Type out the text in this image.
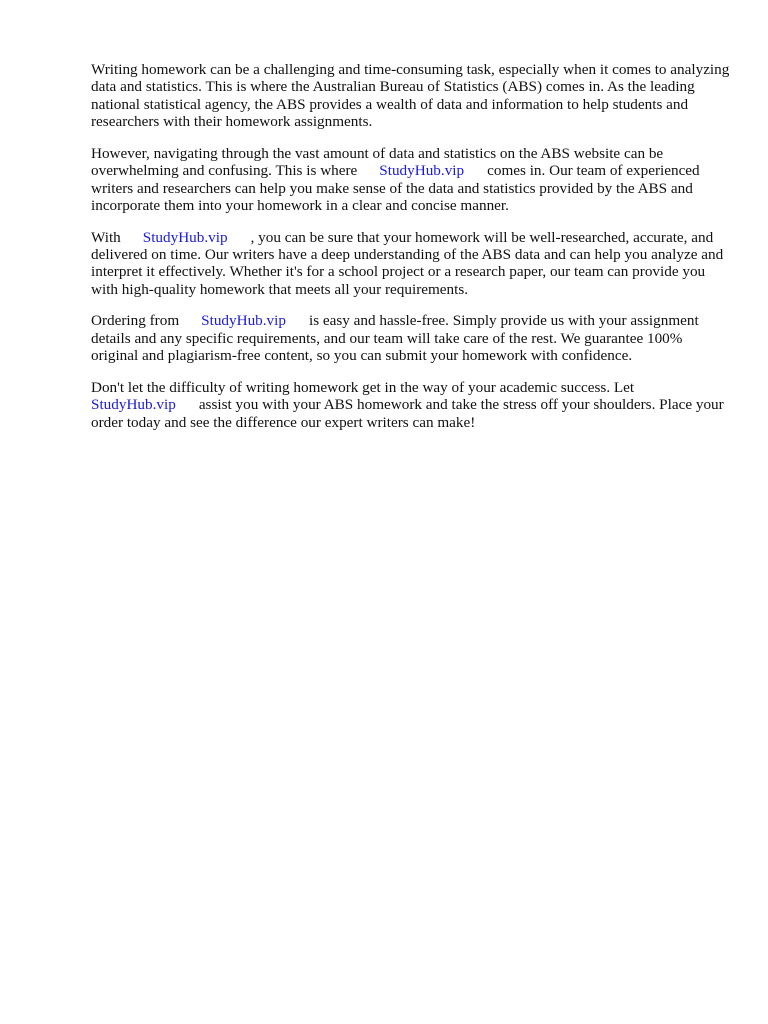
Writing homework can be a challenging and time-consuming task, especially when it comes to analyzing data and statistics. This is where the Australian Bureau of Statistics (ABS) comes in. As the leading national statistical agency, the ABS provides a wealth of data and information to help students and researchers with their homework assignments.

However, navigating through the vast amount of data and statistics on the ABS website can be overwhelming and confusing. This is where StudyHub.vip comes in. Our team of experienced writers and researchers can help you make sense of the data and statistics provided by the ABS and incorporate them into your homework in a clear and concise manner.

With StudyHub.vip , you can be sure that your homework will be well-researched, accurate, and delivered on time. Our writers have a deep understanding of the ABS data and can help you analyze and interpret it effectively. Whether it's for a school project or a research paper, our team can provide you with high-quality homework that meets all your requirements.

Ordering from StudyHub.vip is easy and hassle-free. Simply provide us with your assignment details and any specific requirements, and our team will take care of the rest. We guarantee 100% original and plagiarism-free content, so you can submit your homework with confidence.

Don't let the difficulty of writing homework get in the way of your academic success. Let StudyHub.vip assist you with your ABS homework and take the stress off your shoulders. Place your order today and see the difference our expert writers can make!
